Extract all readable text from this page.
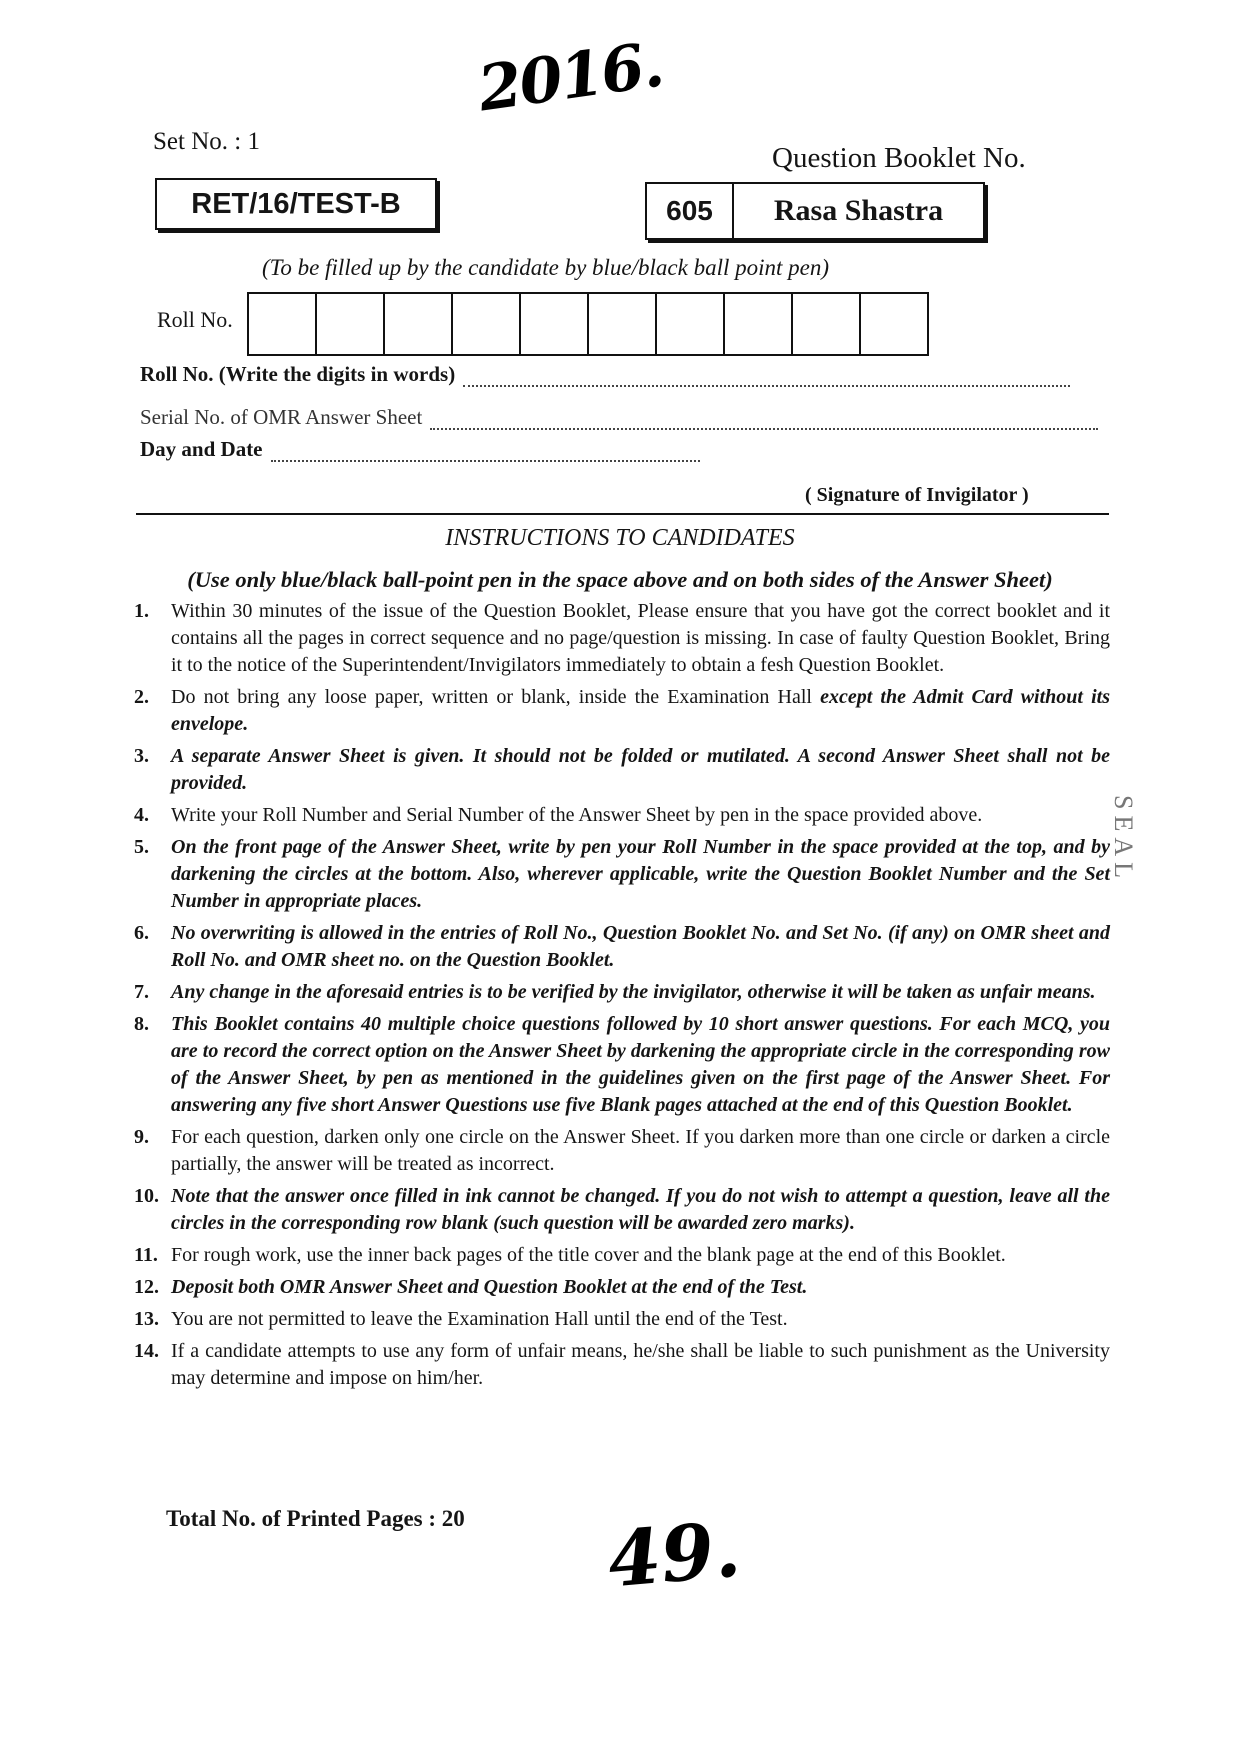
2016.
Set No. : 1
RET/16/TEST-B
Question Booklet No.
605	Rasa Shastra
(To be filled up by the candidate by blue/black ball point pen)
Roll No.
Roll No. (Write the digits in words)
Serial No. of OMR Answer Sheet
Day and Date
( Signature of Invigilator )
INSTRUCTIONS TO CANDIDATES
(Use only blue/black ball-point pen in the space above and on both sides of the Answer Sheet)
1.	Within 30 minutes of the issue of the Question Booklet, Please ensure that you have got the correct booklet and it contains all the pages in correct sequence and no page/question is missing. In case of faulty Question Booklet, Bring it to the notice of the Superintendent/Invigilators immediately to obtain a fesh Question Booklet.
2.	Do not bring any loose paper, written or blank, inside the Examination Hall except the Admit Card without its envelope.
3.	A separate Answer Sheet is given. It should not be folded or mutilated. A second Answer Sheet shall not be provided.
4.	Write your Roll Number and Serial Number of the Answer Sheet by pen in the space provided above.
5.	On the front page of the Answer Sheet, write by pen your Roll Number in the space provided at the top, and by darkening the circles at the bottom. Also, wherever applicable, write the Question Booklet Number and the Set Number in appropriate places.
6.	No overwriting is allowed in the entries of Roll No., Question Booklet No. and Set No. (if any) on OMR sheet and Roll No. and OMR sheet no. on the Question Booklet.
7.	Any change in the aforesaid entries is to be verified by the invigilator, otherwise it will be taken as unfair means.
8.	This Booklet contains 40 multiple choice questions followed by 10 short answer questions. For each MCQ, you are to record the correct option on the Answer Sheet by darkening the appropriate circle in the corresponding row of the Answer Sheet, by pen as mentioned in the guidelines given on the first page of the Answer Sheet. For answering any five short Answer Questions use five Blank pages attached at the end of this Question Booklet.
9.	For each question, darken only one circle on the Answer Sheet. If you darken more than one circle or darken a circle partially, the answer will be treated as incorrect.
10. Note that the answer once filled in ink cannot be changed. If you do not wish to attempt a question, leave all the circles in the corresponding row blank (such question will be awarded zero marks).
11. For rough work, use the inner back pages of the title cover and the blank page at the end of this Booklet.
12. Deposit both OMR Answer Sheet and Question Booklet at the end of the Test.
13. You are not permitted to leave the Examination Hall until the end of the Test.
14. If a candidate attempts to use any form of unfair means, he/she shall be liable to such punishment as the University may determine and impose on him/her.
Total No. of Printed Pages : 20 49.
SEAL
